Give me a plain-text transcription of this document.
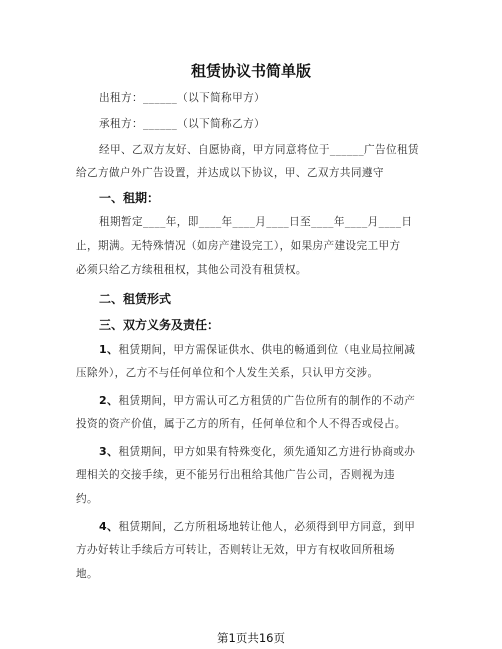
租赁协议书简单版
出租方：______（以下简称甲方）
承租方：______（以下简称乙方）
经甲、乙双方友好、自愿协商，甲方同意将位于______广告位租赁
给乙方做户外广告设置，并达成以下协议，甲、乙双方共同遵守
一、租期：
租期暂定____年，即____年____月____日至____年____月____日
止，期满。无特殊情况（如房产建设完工），如果房产建设完工甲方
必须只给乙方续租租权，其他公司没有租赁权。
二、租赁形式
三、双方义务及责任：
1、租赁期间，甲方需保证供水、供电的畅通到位（电业局拉闸减
压除外），乙方不与任何单位和个人发生关系，只认甲方交涉。
2、租赁期间，甲方需认可乙方租赁的广告位所有的制作的不动产
投资的资产价值，属于乙方的所有，任何单位和个人不得否或侵占。
3、租赁期间，甲方如果有特殊变化，须先通知乙方进行协商或办
理相关的交接手续，更不能另行出租给其他广告公司，否则视为违
约。
4、租赁期间，乙方所租场地转让他人，必须得到甲方同意，到甲
方办好转让手续后方可转让，否则转让无效，甲方有权收回所租场
地。
第1页共16页
